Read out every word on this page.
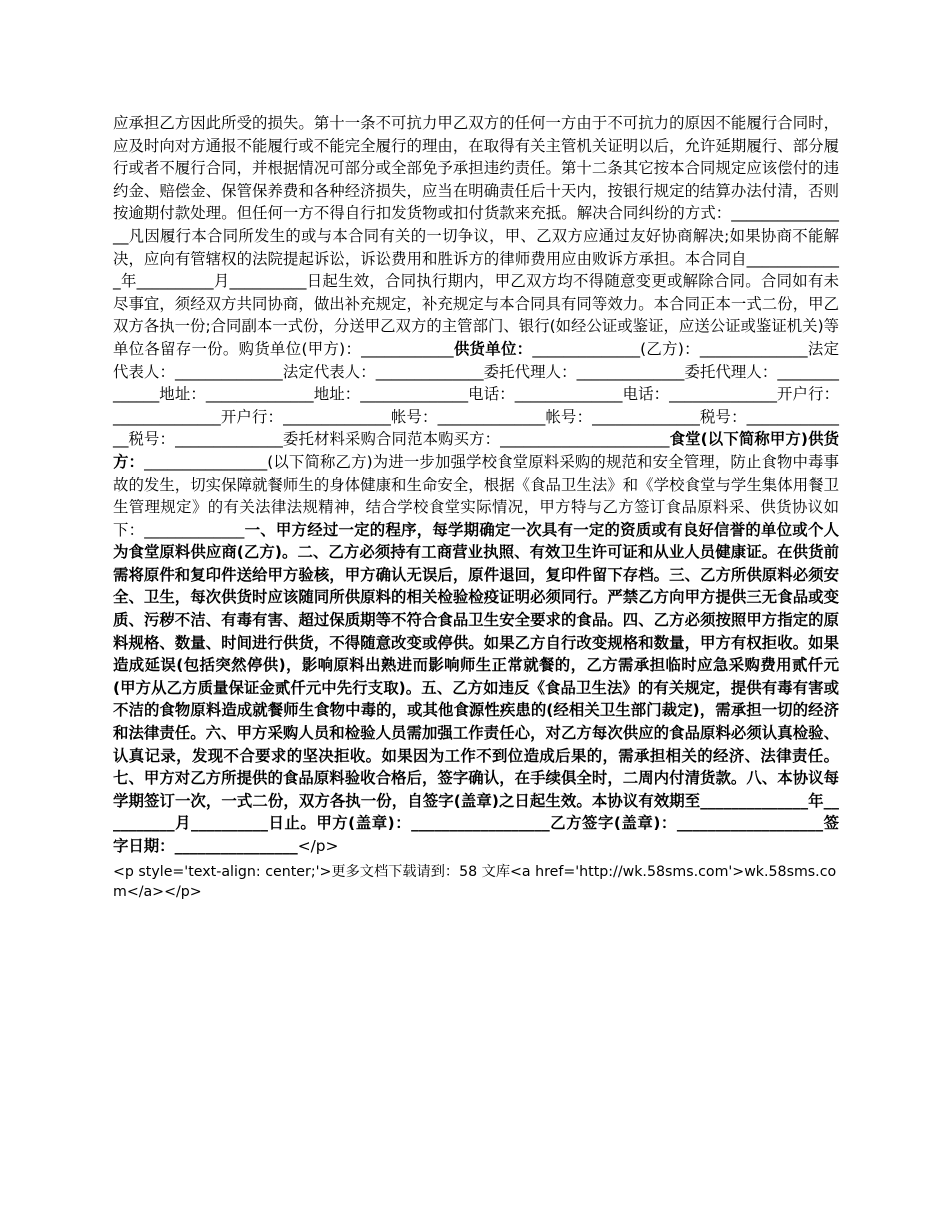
应承担乙方因此所受的损失。第十一条不可抗力甲乙双方的任何一方由于不可抗力的原因不能履行合同时，应及时向对方通报不能履行或不能完全履行的理由，在取得有关主管机关证明以后，允许延期履行、部分履行或者不履行合同，并根据情况可部分或全部免予承担违约责任。第十二条其它按本合同规定应该偿付的违约金、赔偿金、保管保养费和各种经济损失，应当在明确责任后十天内，按银行规定的结算办法付清，否则按逾期付款处理。但任何一方不得自行扣发货物或扣付货款来充抵。解决合同纠纷的方式：________________凡因履行本合同所发生的或与本合同有关的一切争议，甲、乙双方应通过友好协商解决;如果协商不能解决，应向有管辖权的法院提起诉讼，诉讼费用和胜诉方的律师费用应由败诉方承担。本合同自_____________年__________月__________日起生效，合同执行期内，甲乙双方均不得随意变更或解除合同。合同如有未尽事宜，须经双方共同协商，做出补充规定，补充规定与本合同具有同等效力。本合同正本一式二份，甲乙双方各执一份;合同副本一式份，分送甲乙双方的主管部门、银行(如经公证或鉴证，应送公证或鉴证机关)等单位各留存一份。购货单位(甲方)：____________供货单位：______________(乙方)：______________法定代表人：______________法定代表人：______________委托代理人：______________委托代理人：______________地址：______________地址：______________电话：______________电话：______________开户行：______________开户行：______________帐号：______________帐号：______________税号：______________税号：______________委托材料采购合同范本购买方：______________________食堂(以下简称甲方)供货方：________________(以下简称乙方)为进一步加强学校食堂原料采购的规范和安全管理，防止食物中毒事故的发生，切实保障就餐师生的身体健康和生命安全，根据《食品卫生法》和《学校食堂与学生集体用餐卫生管理规定》的有关法律法规精神，结合学校食堂实际情况，甲方特与乙方签订食品原料采、供货协议如下：_____________一、甲方经过一定的程序，每学期确定一次具有一定的资质或有良好信誉的单位或个人为食堂原料供应商(乙方)。二、乙方必须持有工商营业执照、有效卫生许可证和从业人员健康证。在供货前需将原件和复印件送给甲方验核，甲方确认无误后，原件退回，复印件留下存档。三、乙方所供原料必须安全、卫生，每次供货时应该随同所供原料的相关检验检疫证明必须同行。严禁乙方向甲方提供三无食品或变质、污秽不洁、有毒有害、超过保质期等不符合食品卫生安全要求的食品。四、乙方必须按照甲方指定的原料规格、数量、时间进行供货，不得随意改变或停供。如果乙方自行改变规格和数量，甲方有权拒收。如果造成延误(包括突然停供)，影响原料出熟进而影响师生正常就餐的，乙方需承担临时应急采购费用贰仟元(甲方从乙方质量保证金贰仟元中先行支取)。五、乙方如违反《食品卫生法》的有关规定，提供有毒有害或不洁的食物原料造成就餐师生食物中毒的，或其他食源性疾患的(经相关卫生部门裁定)，需承担一切的经济和法律责任。六、甲方采购人员和检验人员需加强工作责任心，对乙方每次供应的食品原料必须认真检验、认真记录，发现不合要求的坚决拒收。如果因为工作不到位造成后果的，需承担相关的经济、法律责任。七、甲方对乙方所提供的食品原料验收合格后，签字确认，在手续俱全时，二周内付清货款。八、本协议每学期签订一次，一式二份，双方各执一份，自签字(盖章)之日起生效。本协议有效期至______________年__________月__________日止。甲方(盖章)：__________________乙方签字(盖章)：___________________签字日期：________________</p>

<p style='text-align: center;'>更多文档下载请到：58 文库<a href='http://wk.58sms.com'>wk.58sms.com</a></p>
